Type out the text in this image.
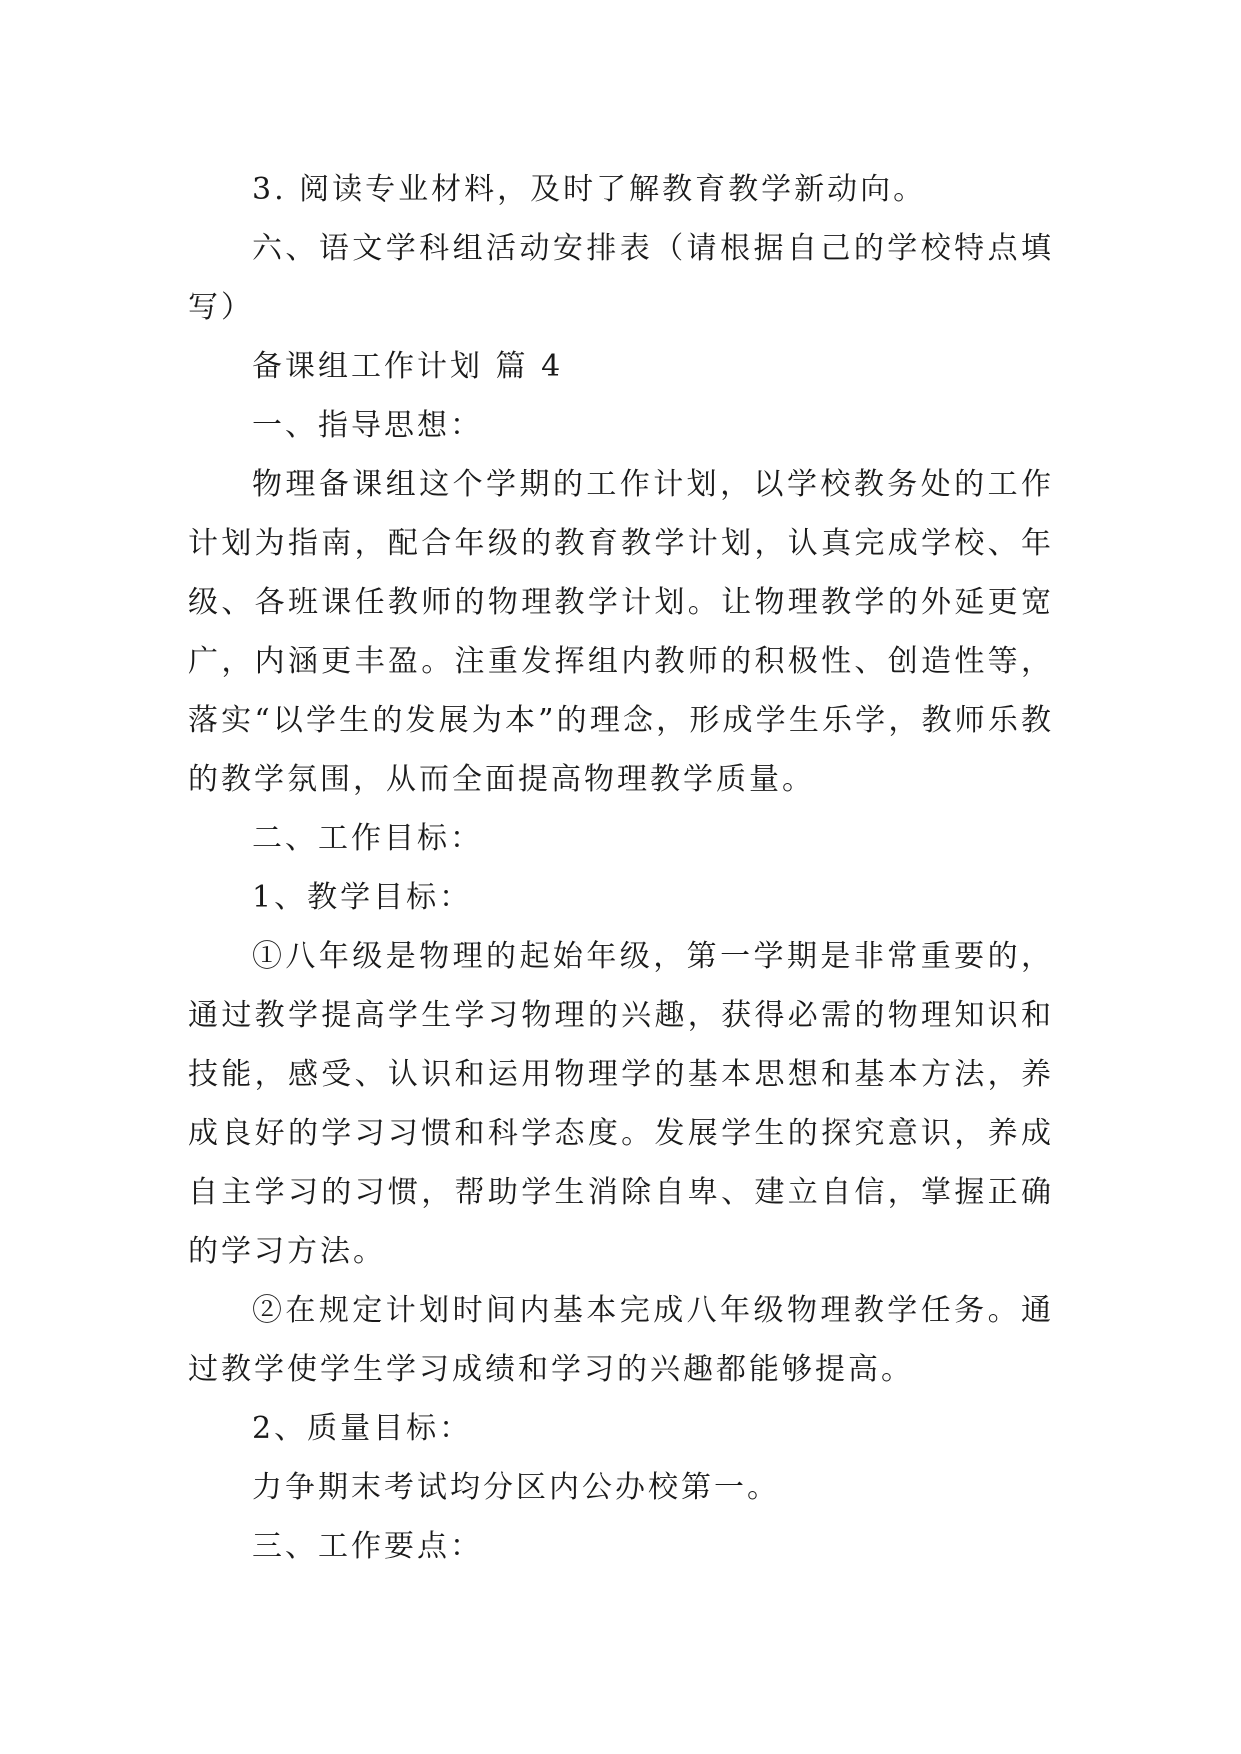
3. 阅读专业材料，及时了解教育教学新动向。

六、语文学科组活动安排表（请根据自己的学校特点填写）

备课组工作计划 篇 4

一、指导思想：

物理备课组这个学期的工作计划，以学校教务处的工作计划为指南，配合年级的教育教学计划，认真完成学校、年级、各班课任教师的物理教学计划。让物理教学的外延更宽广，内涵更丰盈。注重发挥组内教师的积极性、创造性等，落实“以学生的发展为本”的理念，形成学生乐学，教师乐教的教学氛围，从而全面提高物理教学质量。

二、工作目标：

1、教学目标：

①八年级是物理的起始年级，第一学期是非常重要的，通过教学提高学生学习物理的兴趣，获得必需的物理知识和技能，感受、认识和运用物理学的基本思想和基本方法，养成良好的学习习惯和科学态度。发展学生的探究意识，养成自主学习的习惯，帮助学生消除自卑、建立自信，掌握正确的学习方法。

②在规定计划时间内基本完成八年级物理教学任务。通过教学使学生学习成绩和学习的兴趣都能够提高。

2、质量目标：

力争期末考试均分区内公办校第一。

三、工作要点：
